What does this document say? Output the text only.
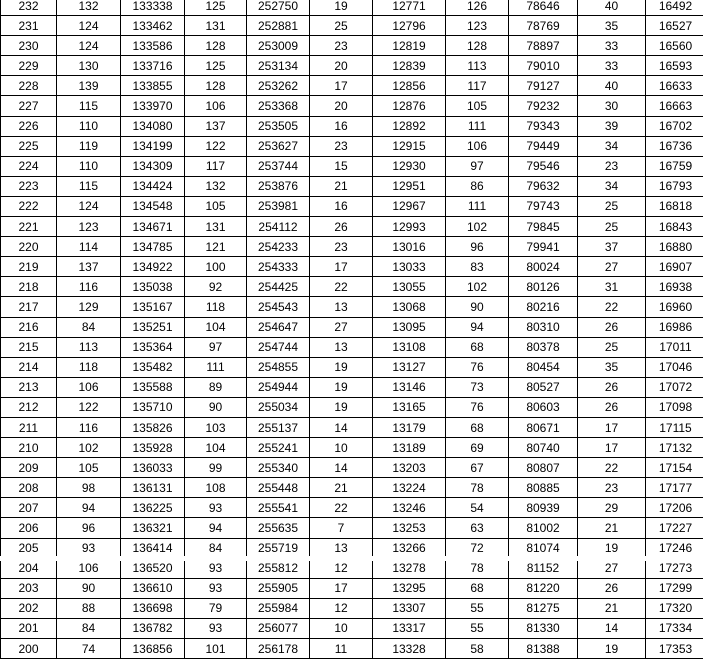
232	132	133338	125	252750	19	12771	126	78646	40	16492
231	124	133462	131	252881	25	12796	123	78769	35	16527
230	124	133586	128	253009	23	12819	128	78897	33	16560
229	130	133716	125	253134	20	12839	113	79010	33	16593
228	139	133855	128	253262	17	12856	117	79127	40	16633
227	115	133970	106	253368	20	12876	105	79232	30	16663
226	110	134080	137	253505	16	12892	111	79343	39	16702
225	119	134199	122	253627	23	12915	106	79449	34	16736
224	110	134309	117	253744	15	12930	97	79546	23	16759
223	115	134424	132	253876	21	12951	86	79632	34	16793
222	124	134548	105	253981	16	12967	111	79743	25	16818
221	123	134671	131	254112	26	12993	102	79845	25	16843
220	114	134785	121	254233	23	13016	96	79941	37	16880
219	137	134922	100	254333	17	13033	83	80024	27	16907
218	116	135038	92	254425	22	13055	102	80126	31	16938
217	129	135167	118	254543	13	13068	90	80216	22	16960
216	84	135251	104	254647	27	13095	94	80310	26	16986
215	113	135364	97	254744	13	13108	68	80378	25	17011
214	118	135482	111	254855	19	13127	76	80454	35	17046
213	106	135588	89	254944	19	13146	73	80527	26	17072
212	122	135710	90	255034	19	13165	76	80603	26	17098
211	116	135826	103	255137	14	13179	68	80671	17	17115
210	102	135928	104	255241	10	13189	69	80740	17	17132
209	105	136033	99	255340	14	13203	67	80807	22	17154
208	98	136131	108	255448	21	13224	78	80885	23	17177
207	94	136225	93	255541	22	13246	54	80939	29	17206
206	96	136321	94	255635	7	13253	63	81002	21	17227
205	93	136414	84	255719	13	13266	72	81074	19	17246
204	106	136520	93	255812	12	13278	78	81152	27	17273
203	90	136610	93	255905	17	13295	68	81220	26	17299
202	88	136698	79	255984	12	13307	55	81275	21	17320
201	84	136782	93	256077	10	13317	55	81330	14	17334
200	74	136856	101	256178	11	13328	58	81388	19	17353
